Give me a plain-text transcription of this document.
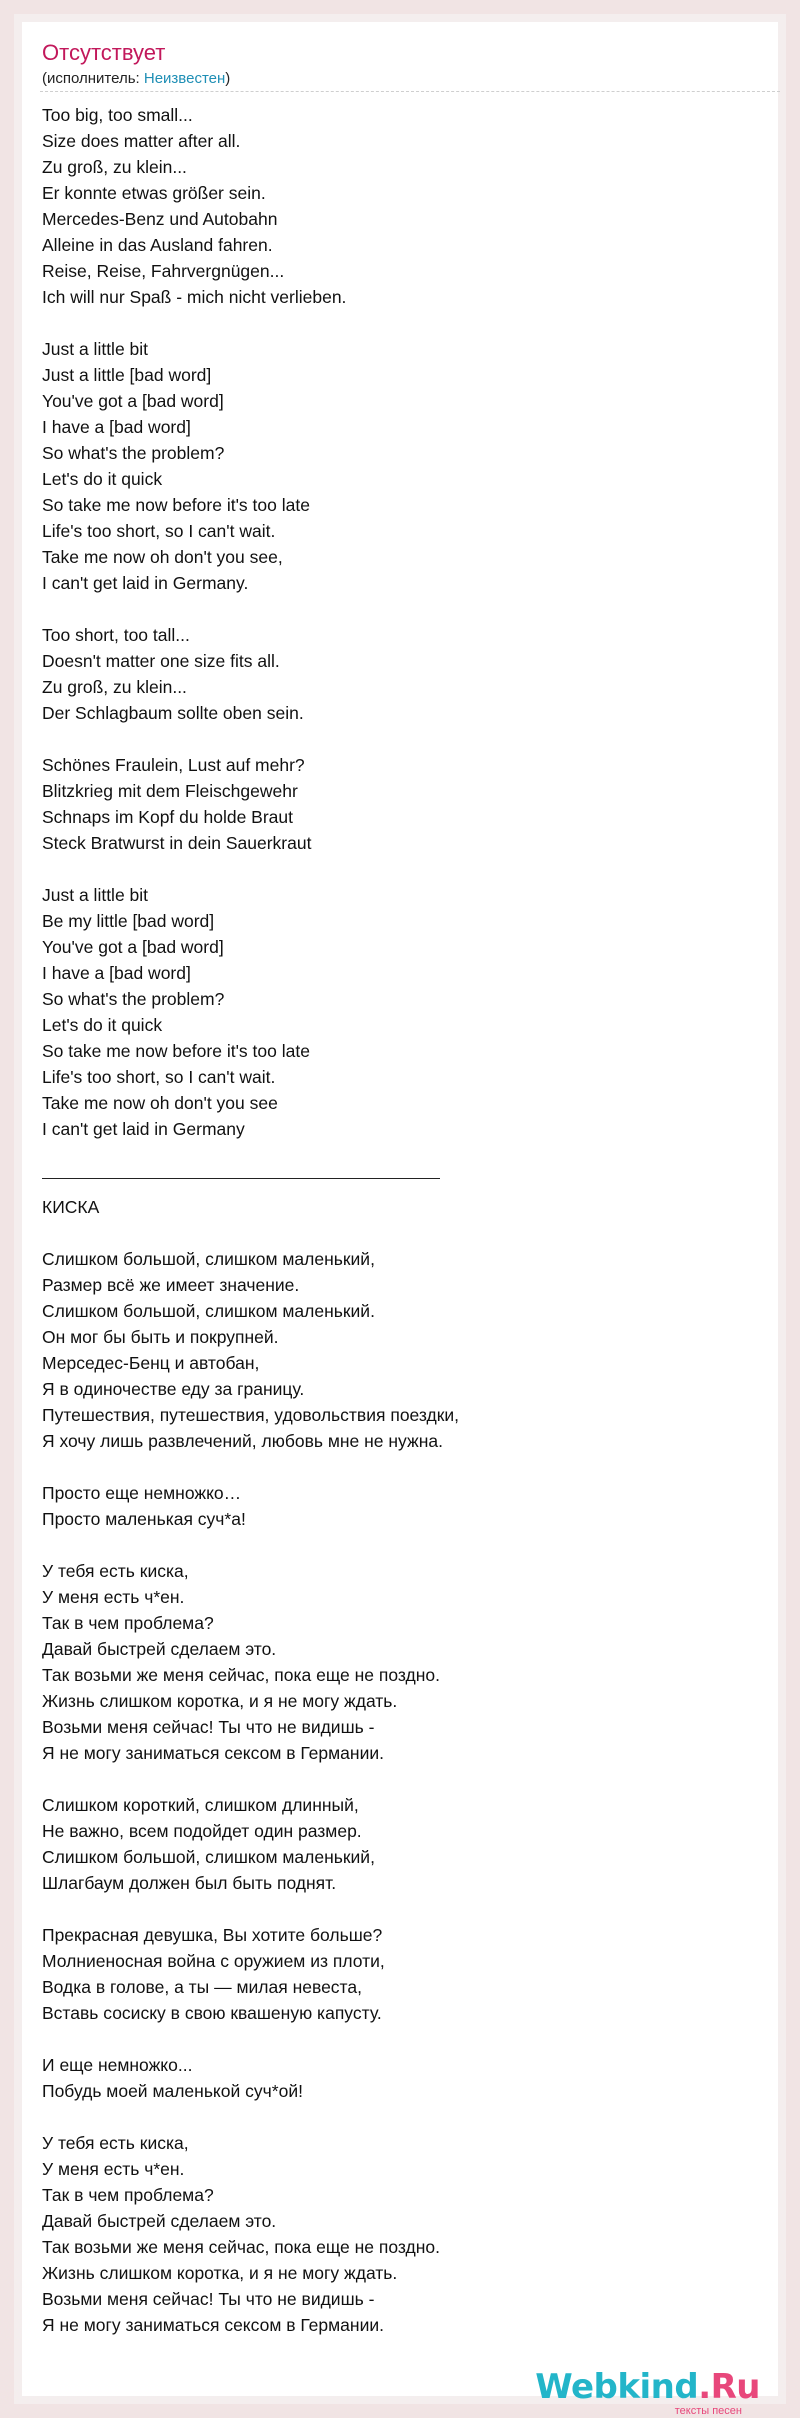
Отсутствует
(исполнитель: Неизвестен)
Too big, too small...
Size does matter after all.
Zu groß, zu klein...
Er konnte etwas größer sein.
Mercedes-Benz und Autobahn
Alleine in das Ausland fahren.
Reise, Reise, Fahrvergnügen...
Ich will nur Spaß - mich nicht verlieben.
Just a little bit
Just a little [bad word]
You've got a [bad word]
I have a [bad word]
So what's the problem?
Let's do it quick
So take me now before it's too late
Life's too short, so I can't wait.
Take me now oh don't you see,
I can't get laid in Germany.
Too short, too tall...
Doesn't matter one size fits all.
Zu groß, zu klein...
Der Schlagbaum sollte oben sein.
Schönes Fraulein, Lust auf mehr?
Blitzkrieg mit dem Fleischgewehr
Schnaps im Kopf du holde Braut
Steck Bratwurst in dein Sauerkraut
Just a little bit
Be my little [bad word]
You've got a [bad word]
I have a [bad word]
So what's the problem?
Let's do it quick
So take me now before it's too late
Life's too short, so I can't wait.
Take me now oh don't you see
I can't get laid in Germany
КИСКА
Слишком большой, слишком маленький,
Размер всё же имеет значение.
Слишком большой, слишком маленький.
Он мог бы быть и покрупней.
Мерседес-Бенц и автобан,
Я в одиночестве еду за границу.
Путешествия, путешествия, удовольствия поездки,
Я хочу лишь развлечений, любовь мне не нужна.
Просто еще немножко…
Просто маленькая суч*а!
У тебя есть киска,
У меня есть ч*ен.
Так в чем проблема?
Давай быстрей сделаем это.
Так возьми же меня сейчас, пока еще не поздно.
Жизнь слишком коротка, и я не могу ждать.
Возьми меня сейчас! Ты что не видишь -
Я не могу заниматься сексом в Германии.
Слишком короткий, слишком длинный,
Не важно, всем подойдет один размер.
Слишком большой, слишком маленький,
Шлагбаум должен был быть поднят.
Прекрасная девушка, Вы хотите больше?
Молниеносная война с оружием из плоти,
Водка в голове, а ты — милая невеста,
Вставь сосиску в свою квашеную капусту.
И еще немножко...
Побудь моей маленькой суч*ой!
У тебя есть киска,
У меня есть ч*ен.
Так в чем проблема?
Давай быстрей сделаем это.
Так возьми же меня сейчас, пока еще не поздно.
Жизнь слишком коротка, и я не могу ждать.
Возьми меня сейчас! Ты что не видишь -
Я не могу заниматься сексом в Германии.
Webkind.Ru
тексты песен
